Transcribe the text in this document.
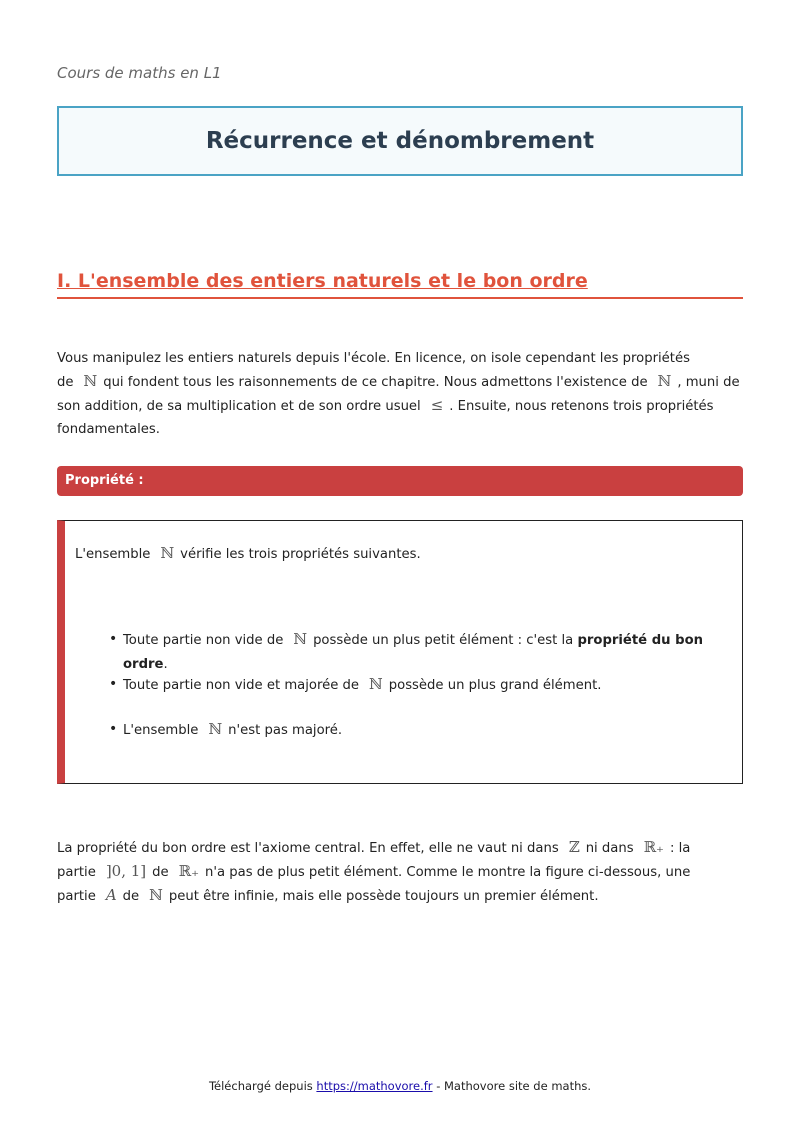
Cours de maths en L1
Récurrence et dénombrement
I. L'ensemble des entiers naturels et le bon ordre
Vous manipulez les entiers naturels depuis l'école. En licence, on isole cependant les propriétés de ℕ qui fondent tous les raisonnements de ce chapitre. Nous admettons l'existence de ℕ , muni de son addition, de sa multiplication et de son ordre usuel ≤ . Ensuite, nous retenons trois propriétés fondamentales.
Propriété :
L'ensemble ℕ vérifie les trois propriétés suivantes.
• Toute partie non vide de ℕ possède un plus petit élément : c'est la propriété du bon ordre.
• Toute partie non vide et majorée de ℕ possède un plus grand élément.
• L'ensemble ℕ n'est pas majoré.
La propriété du bon ordre est l'axiome central. En effet, elle ne vaut ni dans ℤ ni dans ℝ₊ : la partie ]0, 1] de ℝ₊ n'a pas de plus petit élément. Comme le montre la figure ci-dessous, une partie A de ℕ peut être infinie, mais elle possède toujours un premier élément.
Téléchargé depuis https://mathovore.fr - Mathovore site de maths.
